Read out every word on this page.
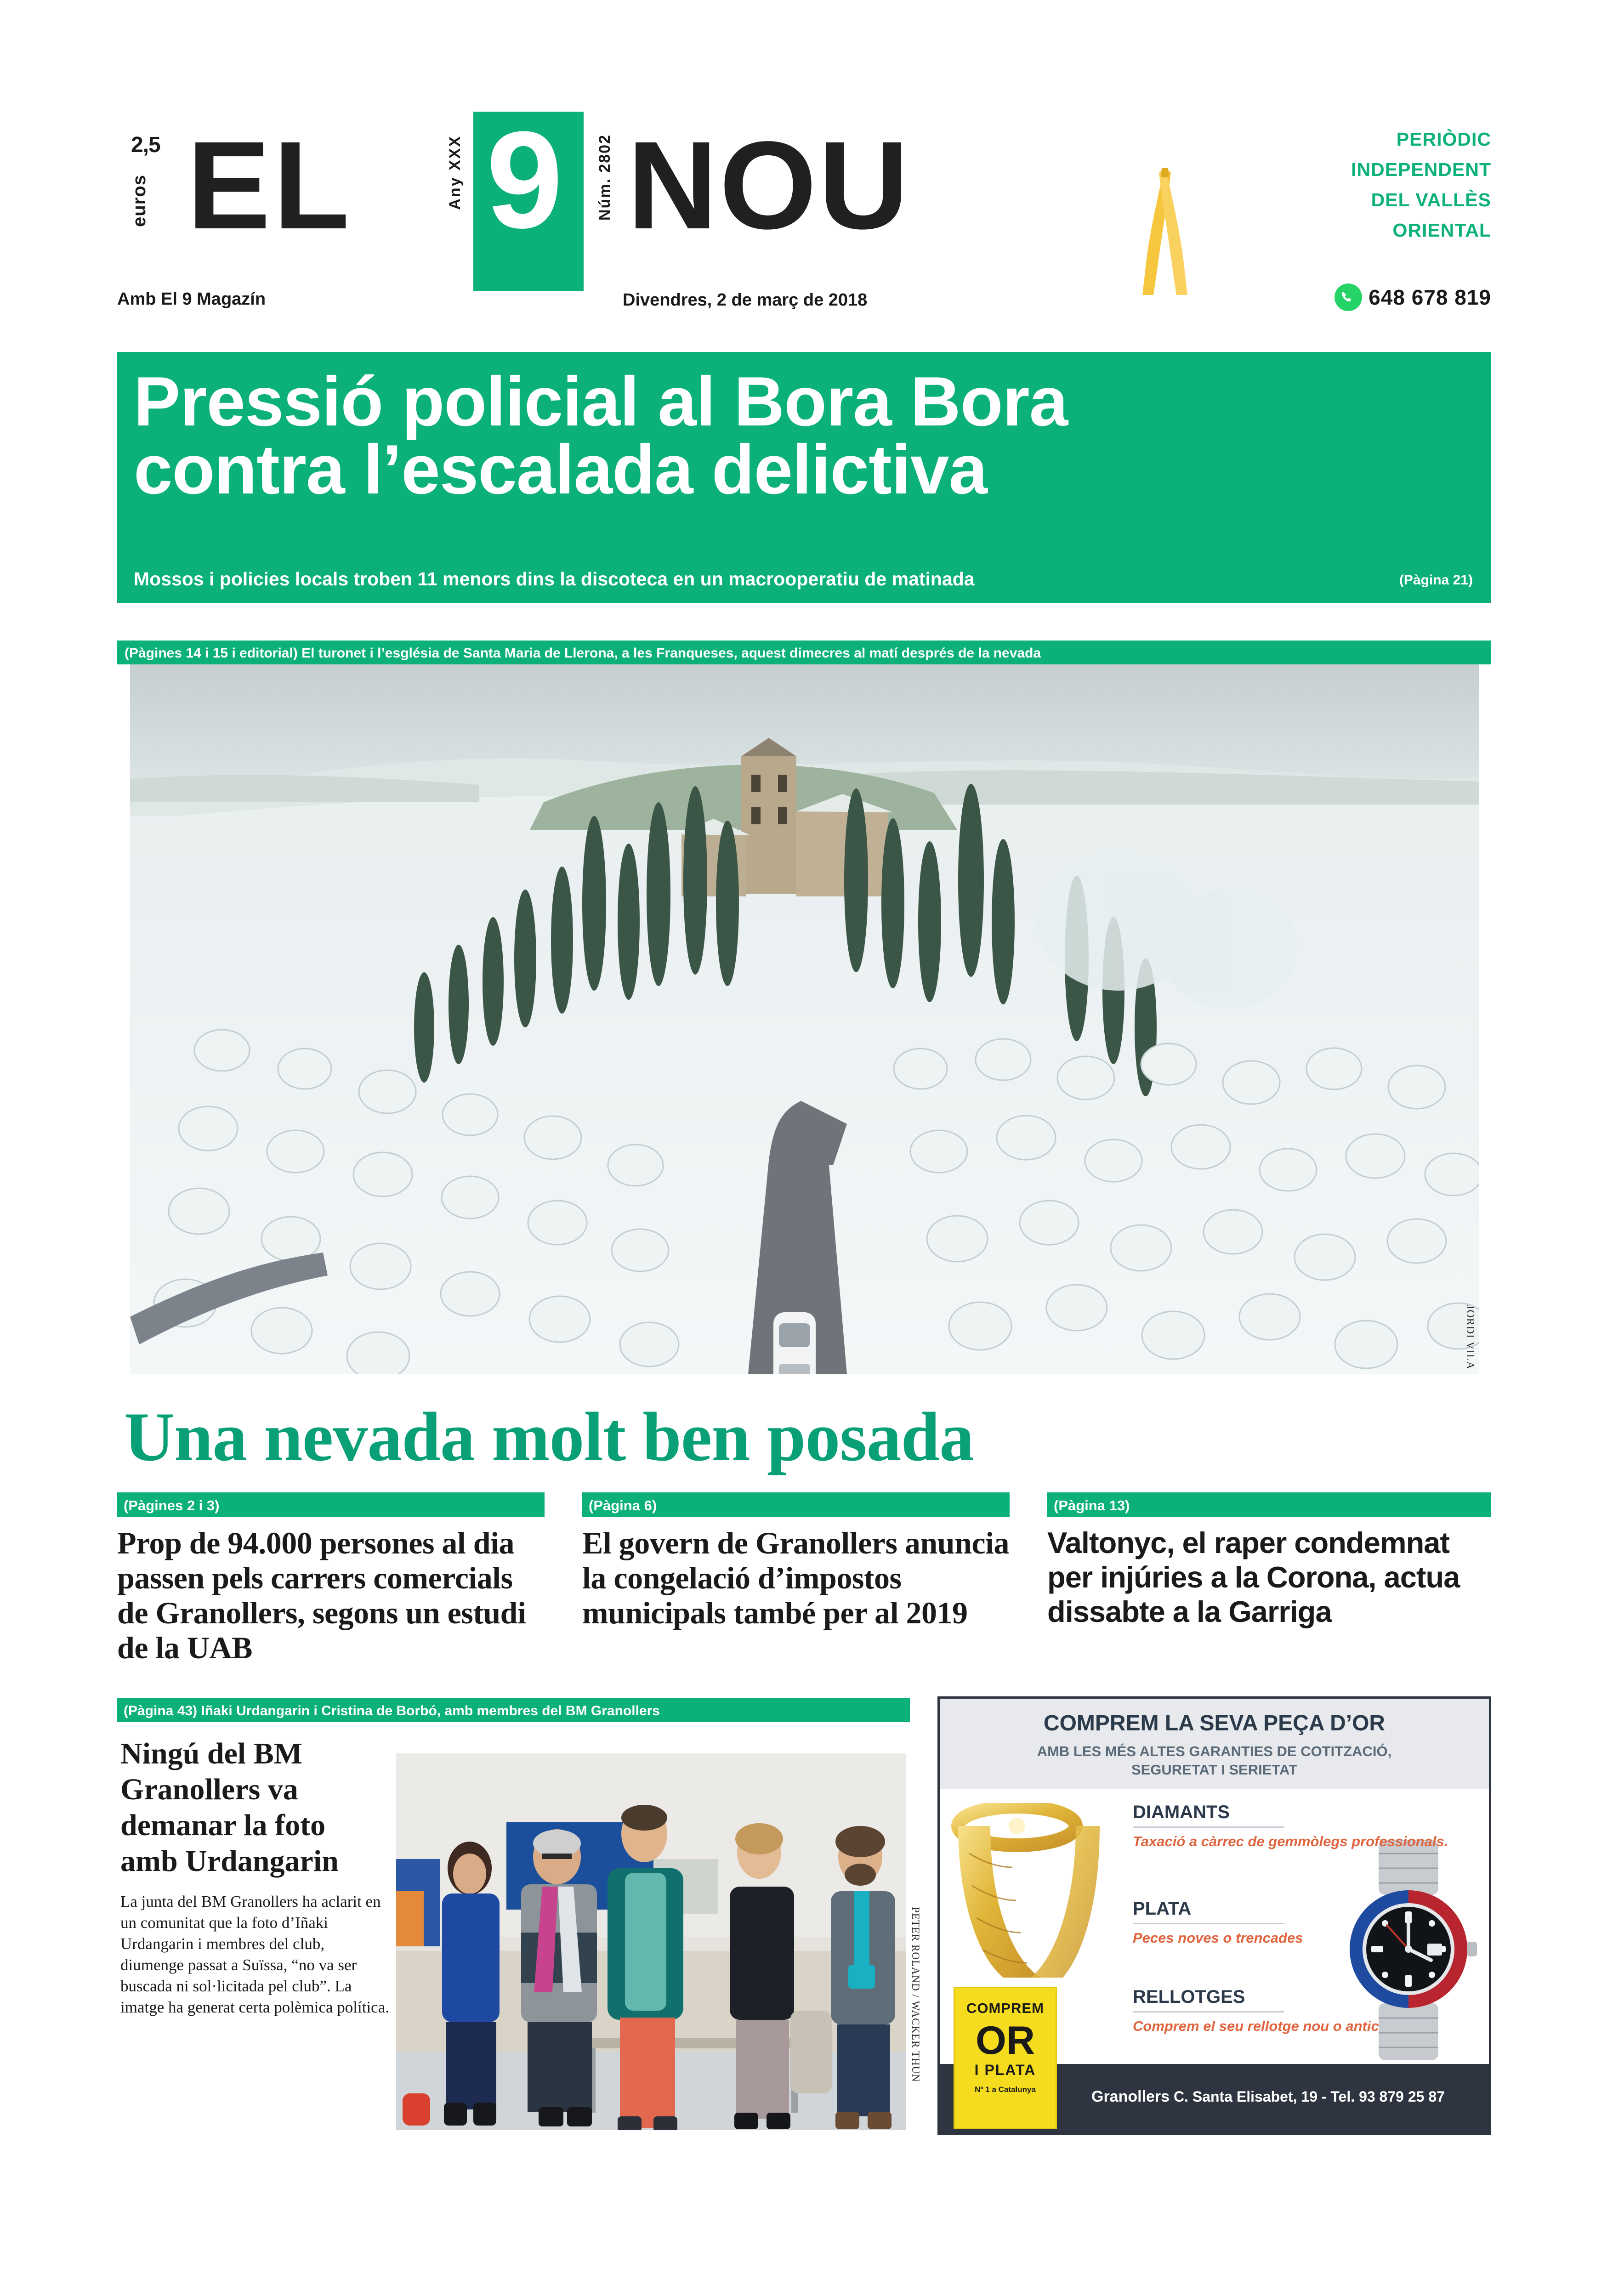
2,5
euros EL	Any XXX 9 Núm. 2802 NOU	PERIÒDIC
INDEPENDENT
DEL VALLÈS
ORIENTAL
Amb El 9 Magazín	Divendres, 2 de març de 2018	648 678 819
Pressió policial al Bora Bora
contra l’escalada delictiva
Mossos i policies locals troben 11 menors dins la discoteca en un macrooperatiu de matinada	(Pàgina 21)
(Pàgines 14 i 15 i editorial) El turonet i l’església de Santa Maria de Llerona, a les Franqueses, aquest dimecres al matí després de la nevada
JORDI VILA
Una nevada molt ben posada
(Pàgines 2 i 3)
Prop de 94.000 persones al dia passen pels carrers comercials de Granollers, segons un estudi de la UAB
(Pàgina 6)
El govern de Granollers anuncia la congelació d’impostos municipals també per al 2019
(Pàgina 13)
Valtonyc, el raper condemnat per injúries a la Corona, actua dissabte a la Garriga
(Pàgina 43) Iñaki Urdangarin i Cristina de Borbó, amb membres del BM Granollers
Ningú del BM Granollers va demanar la foto amb Urdangarin
La junta del BM Granollers ha aclarit en un comunitat que la foto d’Iñaki Urdangarin i membres del club, diumenge passat a Suïssa, “no va ser buscada ni sol·licitada pel club”. La imatge ha generat certa polèmica política.	PETER ROLAND / WACKER THUN
COMPREM LA SEVA PEÇA D’OR
AMB LES MÉS ALTES GARANTIES DE COTITZACIÓ,
SEGURETAT I SERIETAT
DIAMANTS
Taxació a càrrec de gemmòlegs professionals.
PLATA
Peces noves o trencades
RELLOTGES
Comprem el seu rellotge nou o antic
COMPREM
OR
I PLATA
Nº 1 a Catalunya	Granollers C. Santa Elisabet, 19 - Tel. 93 879 25 87
